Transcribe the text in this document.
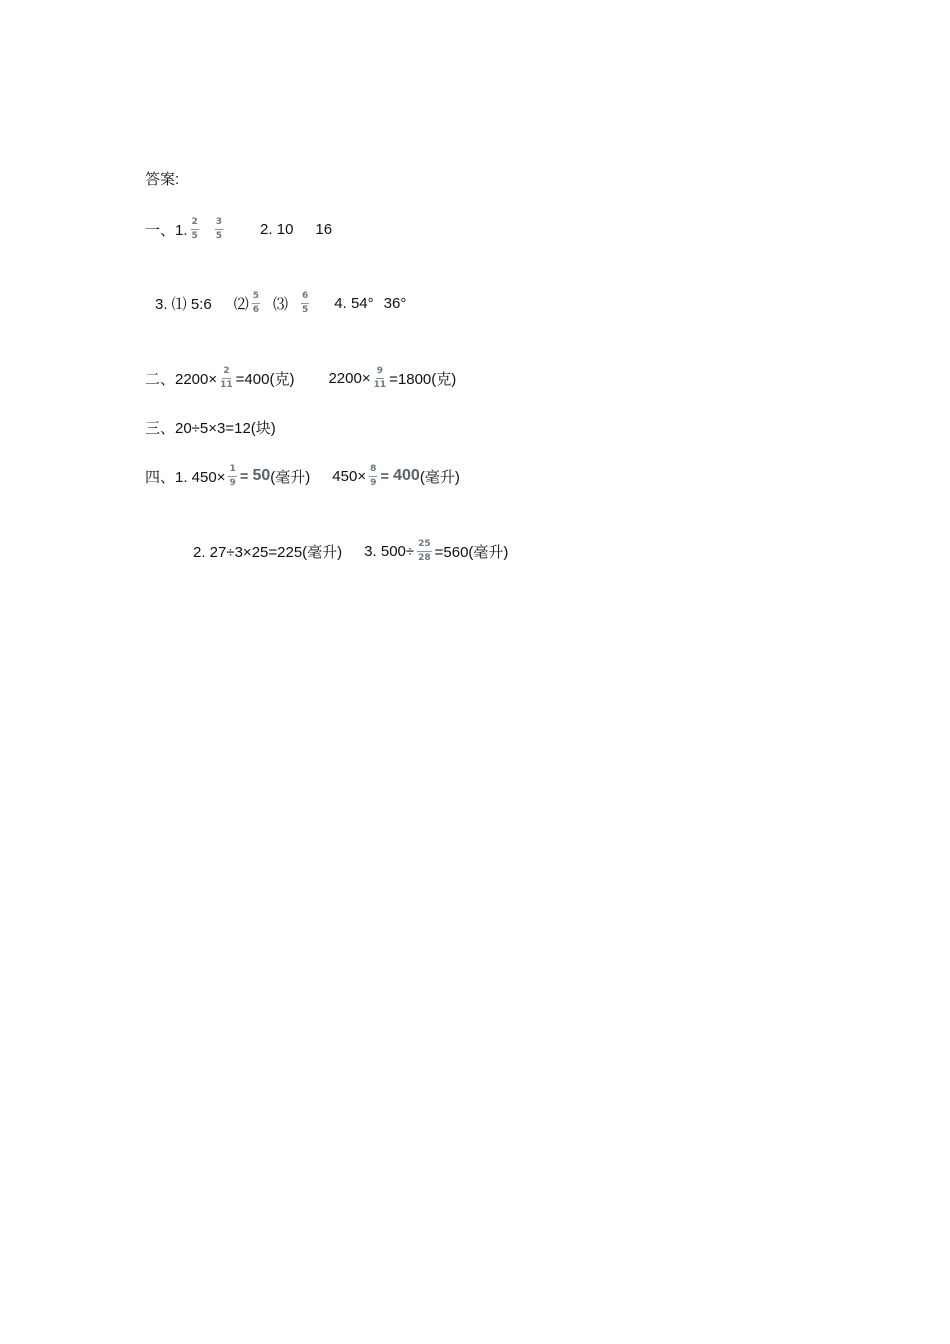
答案:
一、1. $\frac{2}{5} \frac{3}{5} 2$. 10 16
3. ⑴ 5:6 ⑵ $\frac{5}{6}$ ⑶ $\frac{6}{5} 4$. 54° 36°
二、$2200\times \frac{2}{11} =400$(克) $2200\times \frac{9}{11} =1800$(克)
三、20÷5×3=12(块)
四、1. $450\times \frac{1}{9} = 50$ (毫升) $450\times \frac{8}{9} = 400$ (毫升)
2. 27÷3×25=225(毫升) 3. $500\div \frac{25}{28} =560$(毫升)
